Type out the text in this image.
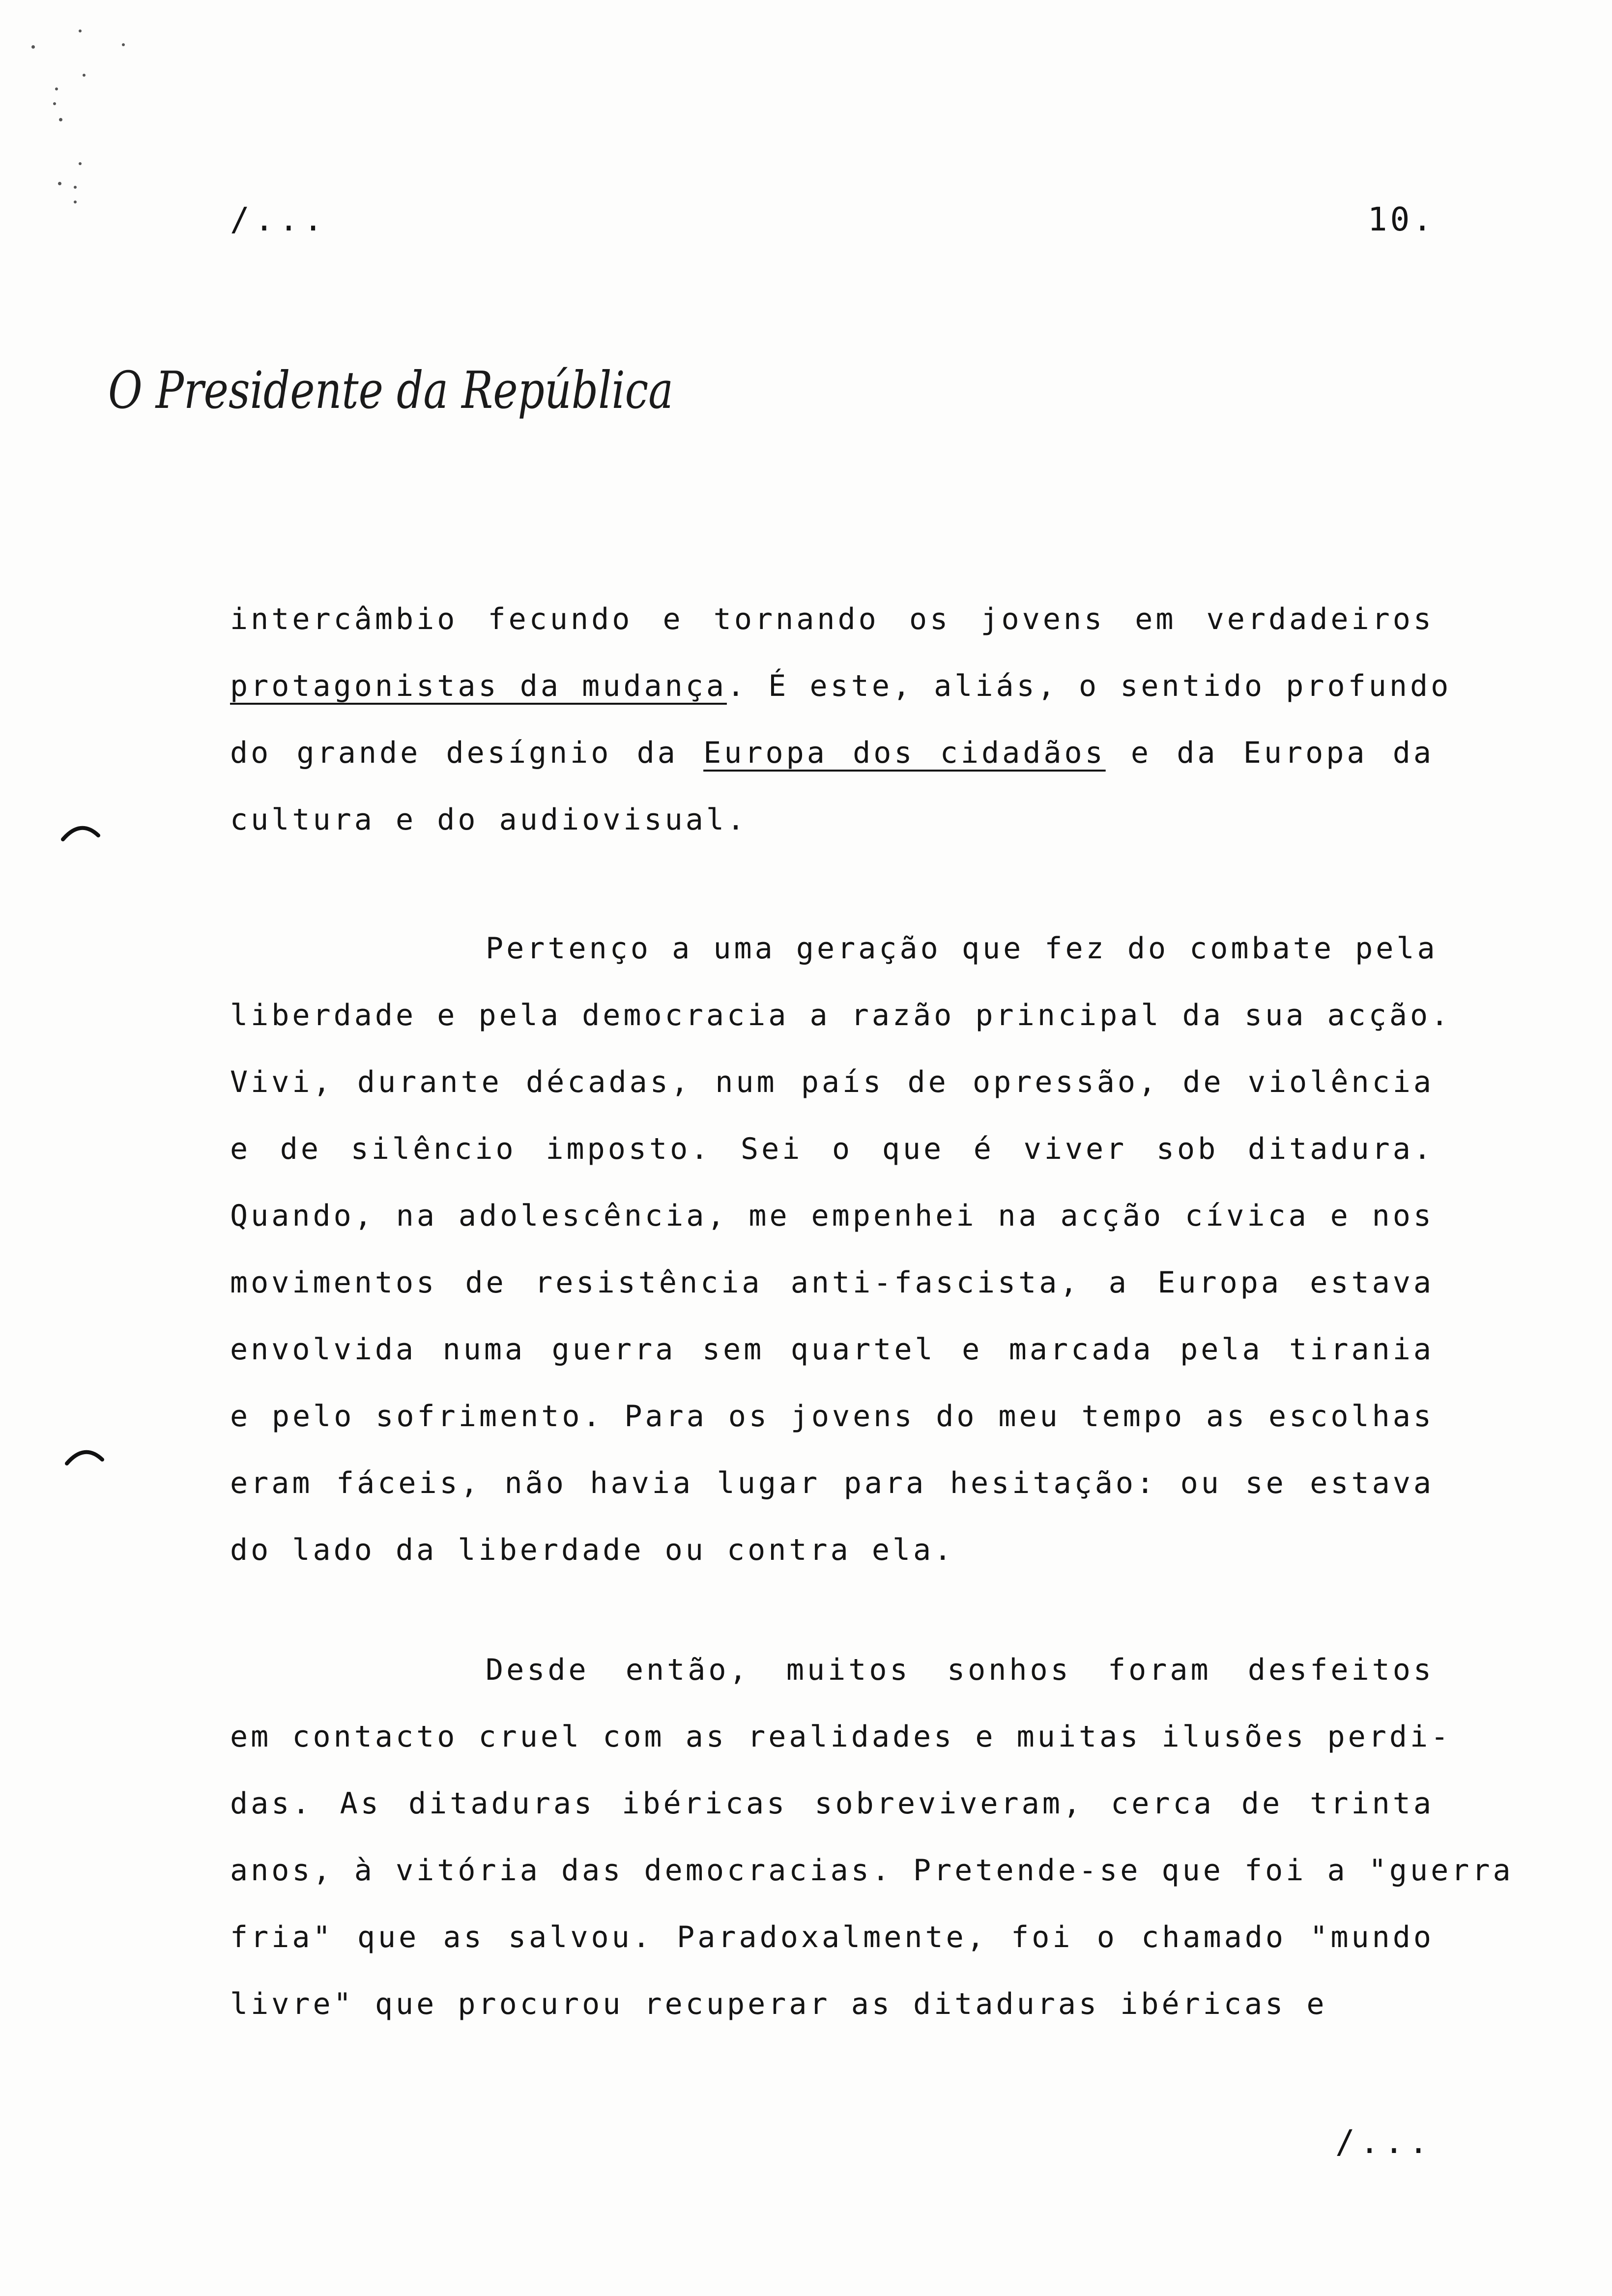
/...	10.
O Presidente da República
intercâmbio fecundo e tornando os jovens em verdadeiros
protagonistas da mudança. É este, aliás, o sentido profundo
do grande desígnio da Europa dos cidadãos e da Europa da
cultura e do audiovisual.
Pertenço a uma geração que fez do combate pela
liberdade e pela democracia a razão principal da sua acção.
Vivi, durante décadas, num país de opressão, de violência
e de silêncio imposto. Sei o que é viver sob ditadura.
Quando, na adolescência, me empenhei na acção cívica e nos
movimentos de resistência anti-fascista, a Europa estava
envolvida numa guerra sem quartel e marcada pela tirania
e pelo sofrimento. Para os jovens do meu tempo as escolhas
eram fáceis, não havia lugar para hesitação: ou se estava
do lado da liberdade ou contra ela.
Desde então, muitos sonhos foram desfeitos
em contacto cruel com as realidades e muitas ilusões perdi-
das. As ditaduras ibéricas sobreviveram, cerca de trinta
anos, à vitória das democracias. Pretende-se que foi a "guerra
fria" que as salvou. Paradoxalmente, foi o chamado "mundo
livre" que procurou recuperar as ditaduras ibéricas e
/...
